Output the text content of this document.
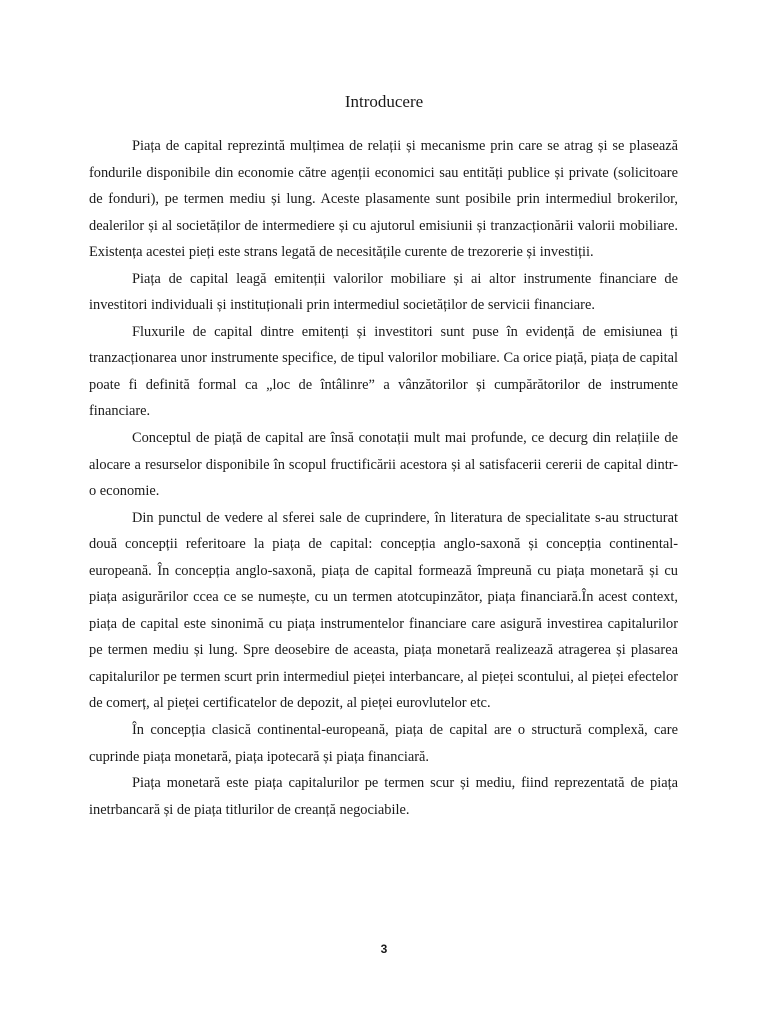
Introducere

Piața de capital reprezintă mulțimea de relații și mecanisme prin care se atrag și se plasează fondurile disponibile din economie către agenții economici sau entități publice și private (solicitoare de fonduri), pe termen mediu și lung. Aceste plasamente sunt posibile prin intermediul brokerilor, dealerilor și al societăților de intermediere și cu ajutorul emisiunii și tranzacționării valorii mobiliare. Existența acestei pieți este strans legată de necesitățile curente de trezorerie și investiții.

Piața de capital leagă emitenții valorilor mobiliare și ai altor instrumente financiare de investitori individuali și instituționali prin intermediul societăților de servicii financiare.

Fluxurile de capital dintre emitenți și investitori sunt puse în evidență de emisiunea ți tranzacționarea unor instrumente specifice, de tipul valorilor mobiliare. Ca orice piață, piața de capital poate fi definită formal ca „loc de întâlinre” a vânzătorilor și cumpărătorilor de instrumente financiare.

Conceptul de piață de capital are însă conotații mult mai profunde, ce decurg din relațiile de alocare a resurselor disponibile în scopul fructificării acestora și al satisfacerii cererii de capital dintr-o economie.

Din punctul de vedere al sferei sale de cuprindere, în literatura de specialitate s-au structurat două concepții referitoare la piața de capital: concepția anglo-saxonă și concepția continental-europeană. În concepția anglo-saxonă, piața de capital formează împreună cu piața monetară și cu piața asigurărilor ccea ce se numește, cu un termen atotcupinzător, piața financiară.În acest context, piața de capital este sinonimă cu piața instrumentelor financiare care asigură investirea capitalurilor pe termen mediu și lung. Spre deosebire de aceasta, piața monetară realizează atragerea și plasarea capitalurilor pe termen scurt prin intermediul pieței interbancare, al pieței scontului, al pieței efectelor de comerț, al pieței certificatelor de depozit, al pieței eurovlutelor etc.

În concepția clasică continental-europeană, piața de capital are o structură complexă, care cuprinde piața monetară, piața ipotecară și piața financiară.

Piața monetară este piața capitalurilor pe termen scur și mediu, fiind reprezentată de piața inetrbancară și de piața titlurilor de creanță negociabile.

3
